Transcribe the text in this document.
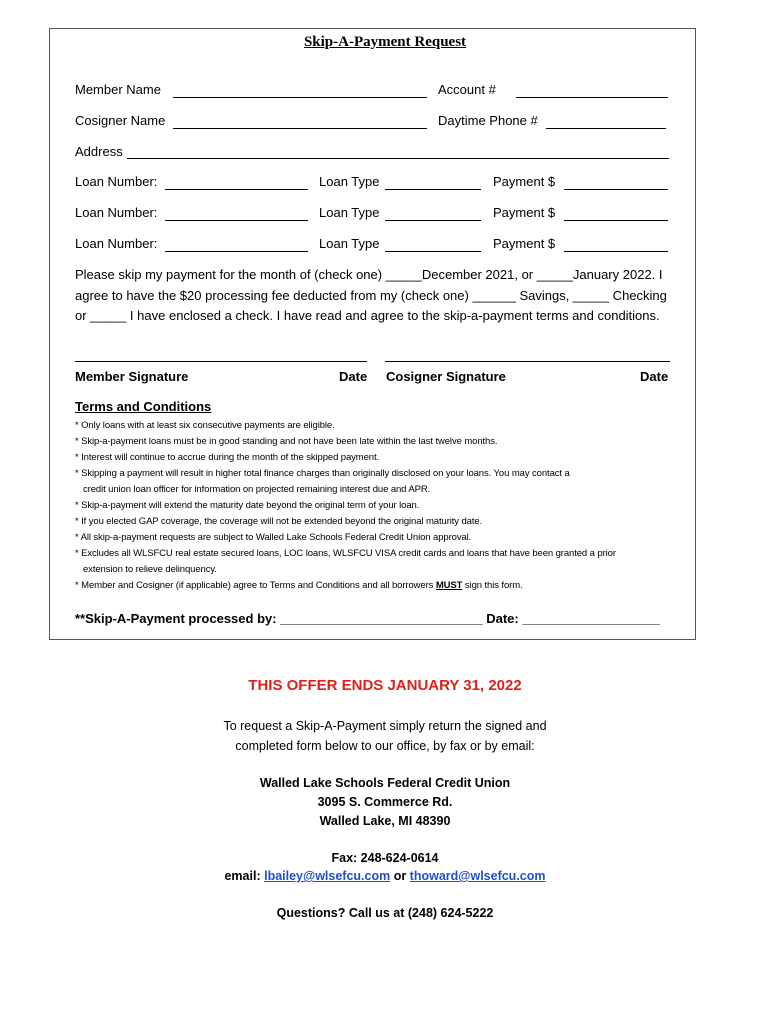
Skip-A-Payment Request
Member Name	Account #
Cosigner Name	Daytime Phone #
Address
Loan Number:	Loan Type	Payment $
Loan Number:	Loan Type	Payment $
Loan Number:	Loan Type	Payment $
Please skip my payment for the month of (check one) _____December 2021, or _____January 2022. I
agree to have the $20 processing fee deducted from my (check one) ______ Savings, _____ Checking
or _____ I have enclosed a check. I have read and agree to the skip-a-payment terms and conditions.
Member Signature	Date Cosigner Signature	Date
Terms and Conditions
* Only loans with at least six consecutive payments are eligible.
* Skip-a-payment loans must be in good standing and not have been late within the last twelve months.
* Interest will continue to accrue during the month of the skipped payment.
* Skipping a payment will result in higher total finance charges than originally disclosed on your loans. You may contact a
credit union loan officer for information on projected remaining interest due and APR.
* Skip-a-payment will extend the maturity date beyond the original term of your loan.
* If you elected GAP coverage, the coverage will not be extended beyond the original maturity date.
* All skip-a-payment requests are subject to Walled Lake Schools Federal Credit Union approval.
* Excludes all WLSFCU real estate secured loans, LOC loans, WLSFCU VISA credit cards and loans that have been granted a prior
extension to relieve delinquency.
* Member and Cosigner (if applicable) agree to Terms and Conditions and all borrowers MUST sign this form.
**Skip-A-Payment processed by: ____________________________ Date: ___________________
THIS OFFER ENDS JANUARY 31, 2022
To request a Skip-A-Payment simply return the signed and
completed form below to our office, by fax or by email:
Walled Lake Schools Federal Credit Union
3095 S. Commerce Rd.
Walled Lake, MI 48390
Fax: 248-624-0614
email: lbailey@wlsefcu.com or thoward@wlsefcu.com
Questions? Call us at (248) 624-5222
